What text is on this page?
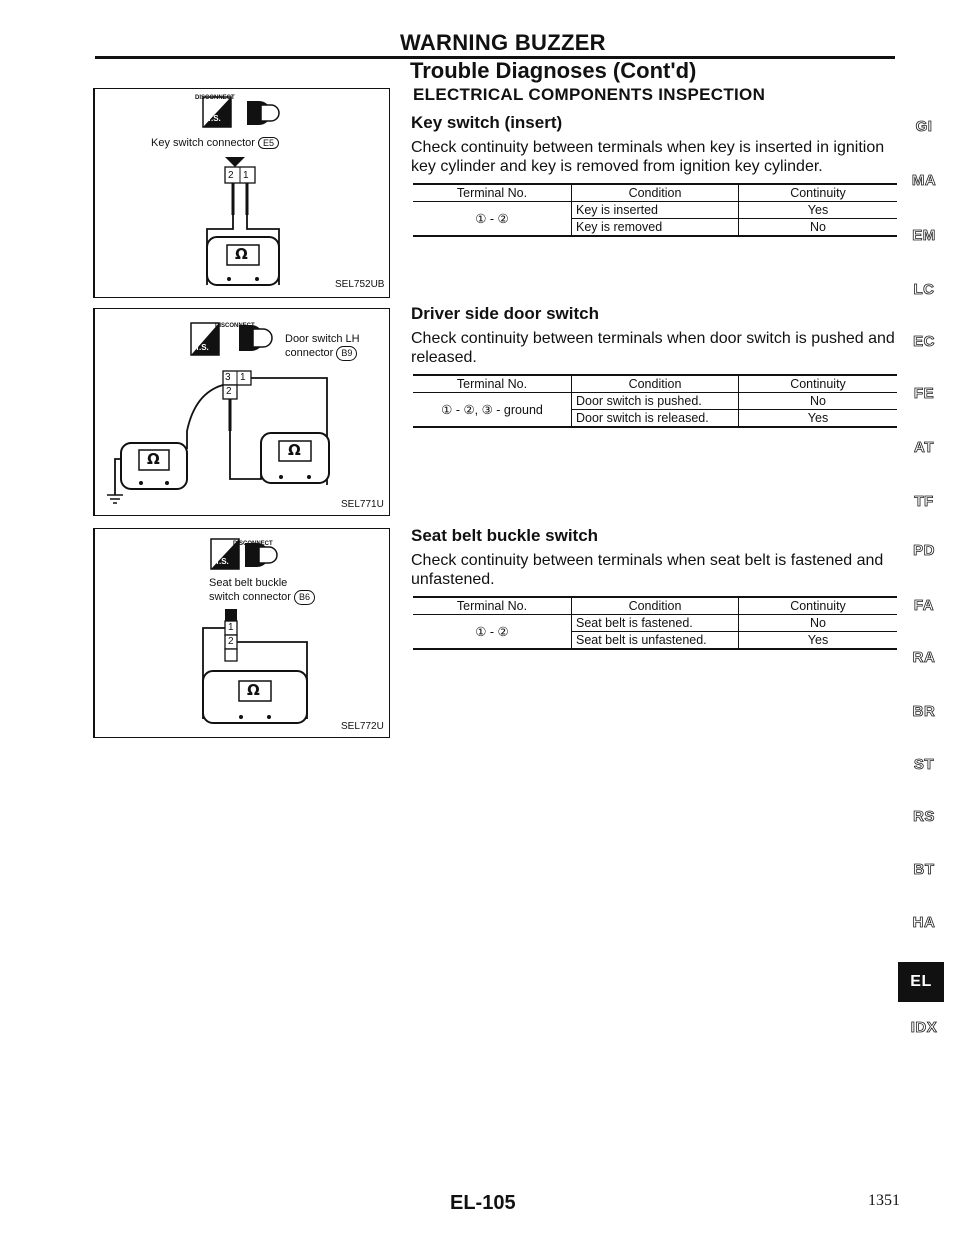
WARNING BUZZER
Trouble Diagnoses (Cont'd)
ELECTRICAL COMPONENTS INSPECTION
Key switch (insert)
Check continuity between terminals when key is inserted in ignition key cylinder and key is removed from ignition key cylinder.
Terminal No.	Condition	Continuity
① - ②	Key is inserted	Yes
	Key is removed	No
Driver side door switch
Check continuity between terminals when door switch is pushed and released.
Terminal No.	Condition	Continuity
① - ②, ③ - ground	Door switch is pushed.	No
	Door switch is released.	Yes
Seat belt buckle switch
Check continuity between terminals when seat belt is fastened and unfastened.
Terminal No.	Condition	Continuity
① - ②	Seat belt is fastened.	No
	Seat belt is unfastened.	Yes
DISCONNECT
T.S.
Key switch connector E5
2 1
Ω
SEL752UB
DISCONNECT
T.S.
Door switch LH
connector B9
3 1
2
Ω
Ω
SEL771U
DISCONNECT
T.S.
Seat belt buckle
switch connector B6
1
2
Ω
SEL772U
GI
MA
EM
LC
EC
FE
AT
TF
PD
FA
RA
BR
ST
RS
BT
HA
EL
IDX
EL-105	1351
